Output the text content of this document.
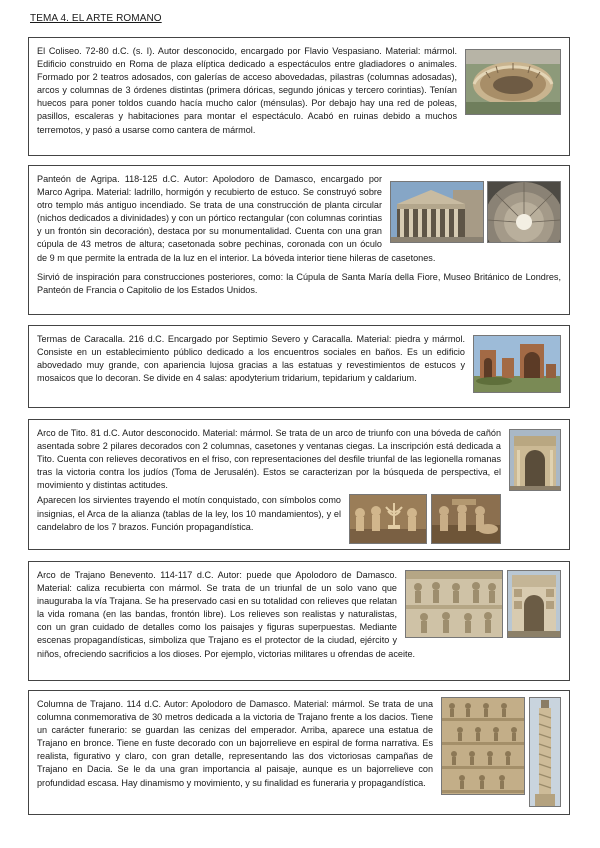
TEMA 4. EL ARTE ROMANO

El Coliseo. 72-80 d.C. (s. I). Autor desconocido, encargado por Flavio Vespasiano. Material: mármol. Edificio construido en Roma de plaza elíptica dedicado a espectáculos entre gladiadores o animales. Formado por 2 teatros adosados, con galerías de acceso abovedadas, pilastras (columnas adosadas), arcos y columnas de 3 órdenes distintas (primera dóricas, segundo jónicas y tercero corintias). Tenían huecos para poner toldos cuando hacía mucho calor (ménsulas). Por debajo hay una red de poleas, pasillos, escaleras y habitaciones para montar el espectáculo. Acabó en ruinas debido a muchos terremotos, y pasó a usarse como cantera de mármol.

Panteón de Agripa. 118-125 d.C. Autor: Apolodoro de Damasco, encargado por Marco Agripa. Material: ladrillo, hormigón y recubierto de estuco. Se construyó sobre otro templo más antiguo incendiado. Se trata de una construcción de planta circular (nichos dedicados a divinidades) y con un pórtico rectangular (con columnas corintias y un frontón sin decoración), destaca por su monumentalidad. Cuenta con una gran cúpula de 43 metros de altura; casetonada sobre pechinas, coronada con un óculo de 9 m que permite la entrada de la luz en el interior. La bóveda interior tiene hileras de casetones.

Sirvió de inspiración para construcciones posteriores, como: la Cúpula de Santa María della Fiore, Museo Británico de Londres, Panteón de Francia o Capitolio de los Estados Unidos.

Termas de Caracalla. 216 d.C. Encargado por Septimio Severo y Caracalla. Material: piedra y mármol. Consiste en un establecimiento público dedicado a los encuentros sociales en baños. Es un edificio abovedado muy grande, con apariencia lujosa gracias a las estatuas y revestimientos de estucos y mosaicos que lo decoran. Se divide en 4 salas: apodyterium tridarium, tepidarium y caldarium.

Arco de Tito. 81 d.C. Autor desconocido. Material: mármol. Se trata de un arco de triunfo con una bóveda de cañón asentada sobre 2 pilares decorados con 2 columnas, casetones y ventanas ciegas. La inscripción está dedicada a Tito. Cuenta con relieves decorativos en el friso, con representaciones del desfile triunfal de las legionella romanas tras la victoria contra los judíos (Toma de Jerusalén). Estos se caracterizan por la búsqueda de perspectiva, el movimiento y distintas actitudes.

Aparecen los sirvientes trayendo el motín conquistado, con símbolos como insignias, el Arca de la alianza (tablas de la ley, los 10 mandamientos), y el candelabro de los 7 brazos. Función propagandística.

Arco de Trajano Benevento. 114-117 d.C. Autor: puede que Apolodoro de Damasco. Material: caliza recubierta con mármol. Se trata de un triunfal de un solo vano que inauguraba la vía Trajana. Se ha preservado casi en su totalidad con relieves que relatan la vida romana (en las bandas, frontón libre). Los relieves son realistas y naturalistas, con un gran cuidado de detalles como los paisajes y figuras superpuestas. Mediante escenas propagandísticas, simboliza que Trajano es el protector de la ciudad, ejército y niños, ofreciendo sacrificios a los dioses. Por ejemplo, victorias militares u ofrendas de aceite.

Columna de Trajano. 114 d.C. Autor: Apolodoro de Damasco. Material: mármol. Se trata de una columna conmemorativa de 30 metros dedicada a la victoria de Trajano frente a los dacios. Tiene un carácter funerario: se guardan las cenizas del emperador. Arriba, aparece una estatua de Trajano en bronce. Tiene en fuste decorado con un bajorrelieve en espiral de forma narrativa. Es realista, figurativo y claro, con gran detalle, representando las dos victoriosas campañas de Trajano en Dacia. Se le da una gran importancia al paisaje, aunque es un bajorrelieve con profundidad escasa. Hay dinamismo y movimiento, y su finalidad es funeraria y propagandística.
